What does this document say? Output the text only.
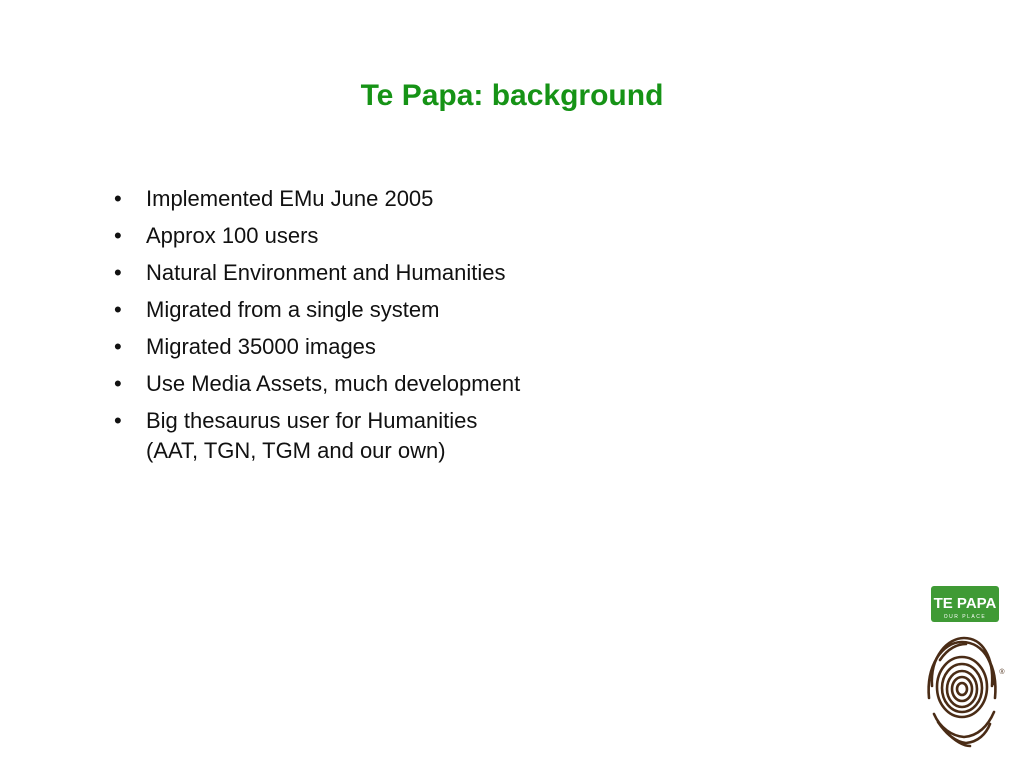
Te Papa: background
•	Implemented EMu June 2005
•	Approx 100 users
•	Natural Environment and Humanities
•	Migrated from a single system
•	Migrated 35000 images
•	Use Media Assets, much development
•	Big thesaurus user for Humanities
(AAT, TGN, TGM and our own)
TE PAPA
OUR PLACE
®
